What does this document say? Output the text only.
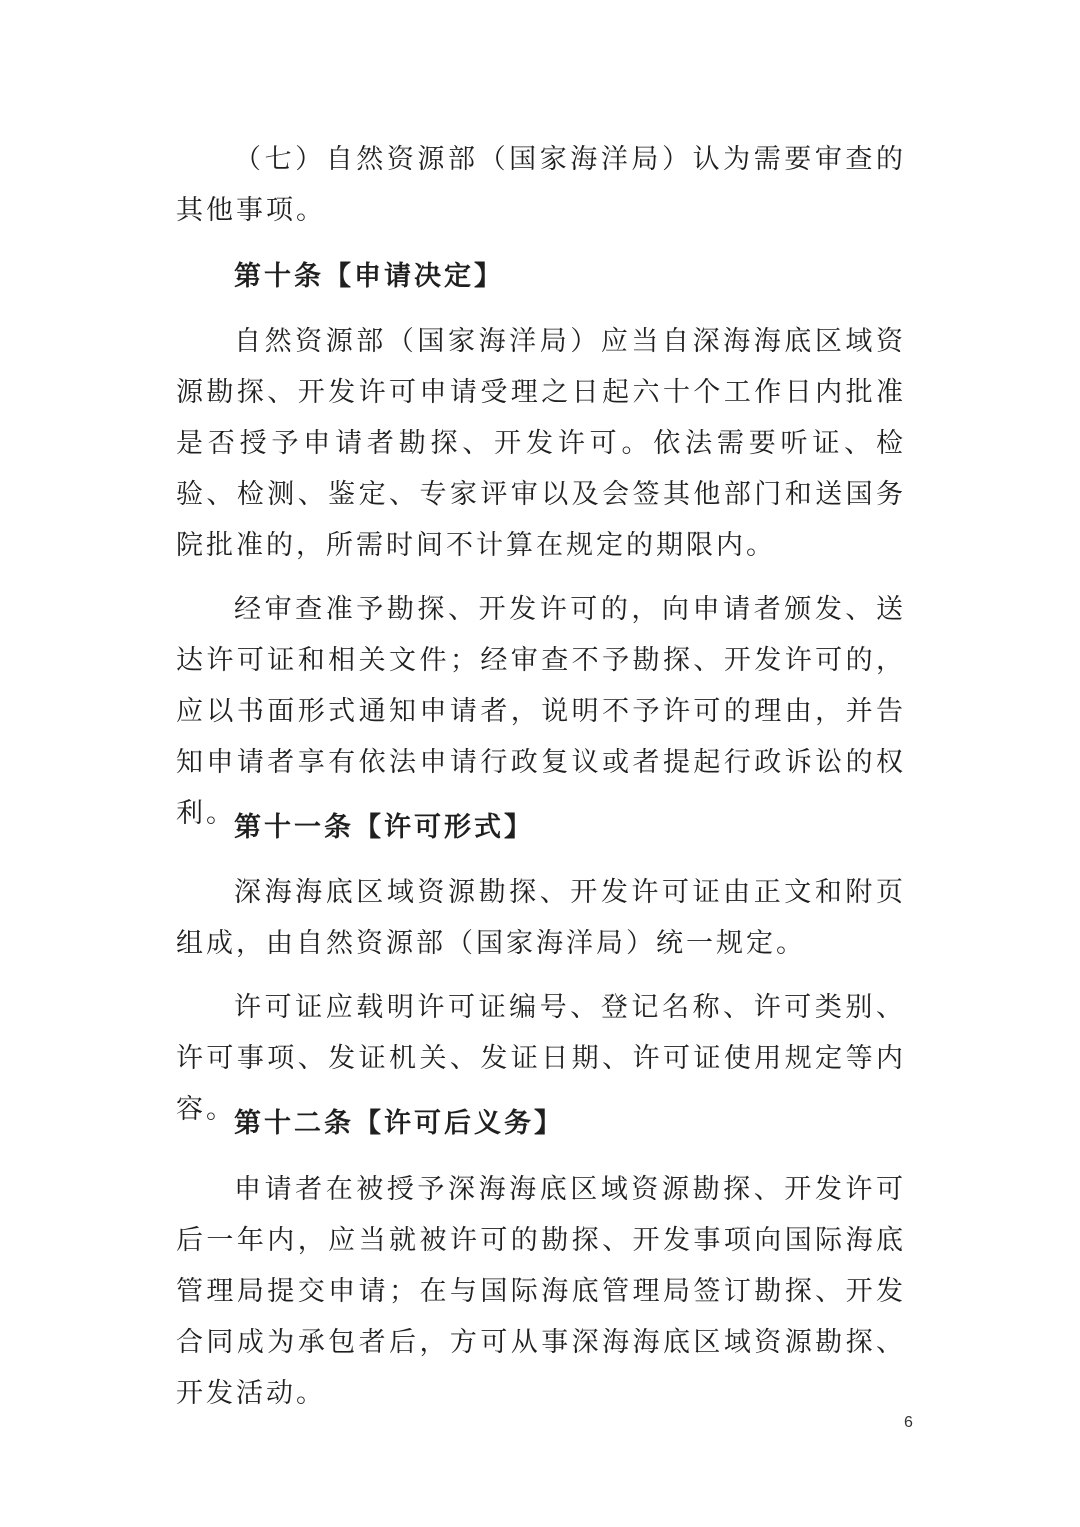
（七）自然资源部（国家海洋局）认为需要审查的其他事项。

第十条【申请决定】

自然资源部（国家海洋局）应当自深海海底区域资源勘探、开发许可申请受理之日起六十个工作日内批准是否授予申请者勘探、开发许可。依法需要听证、检验、检测、鉴定、专家评审以及会签其他部门和送国务院批准的，所需时间不计算在规定的期限内。

经审查准予勘探、开发许可的，向申请者颁发、送达许可证和相关文件；经审查不予勘探、开发许可的，应以书面形式通知申请者，说明不予许可的理由，并告知申请者享有依法申请行政复议或者提起行政诉讼的权利。

第十一条【许可形式】

深海海底区域资源勘探、开发许可证由正文和附页组成，由自然资源部（国家海洋局）统一规定。

许可证应载明许可证编号、登记名称、许可类别、许可事项、发证机关、发证日期、许可证使用规定等内容。

第十二条【许可后义务】

申请者在被授予深海海底区域资源勘探、开发许可后一年内，应当就被许可的勘探、开发事项向国际海底管理局提交申请；在与国际海底管理局签订勘探、开发合同成为承包者后，方可从事深海海底区域资源勘探、开发活动。

6
